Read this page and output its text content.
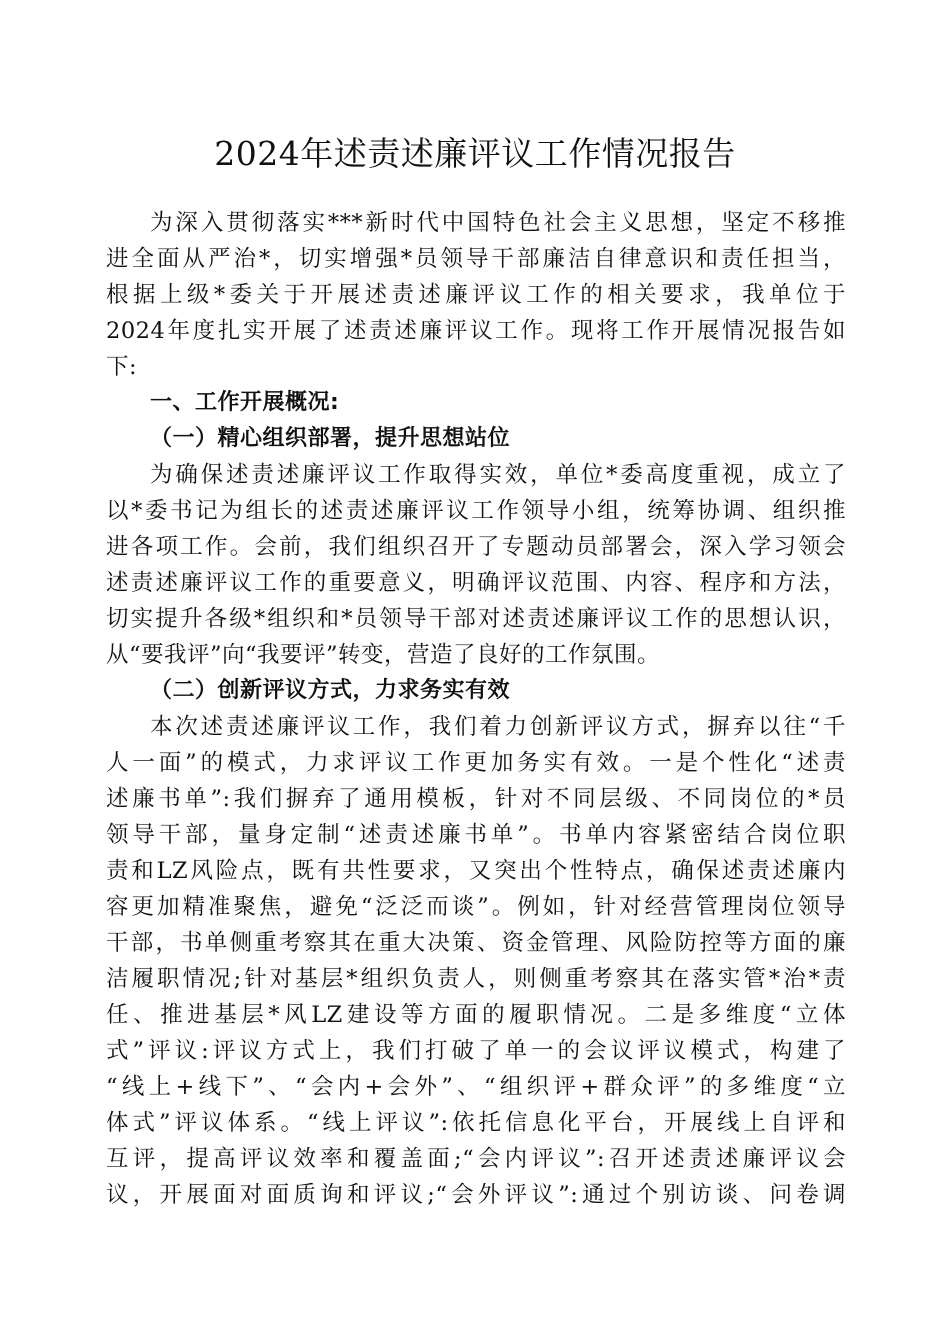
2024年述责述廉评议工作情况报告
为深入贯彻落实***新时代中国特色社会主义思想，坚定不移推
进全面从严治*，切实增强*员领导干部廉洁自律意识和责任担当，
根据上级*委关于开展述责述廉评议工作的相关要求，我单位于
2024年度扎实开展了述责述廉评议工作。现将工作开展情况报告如
下:
一、工作开展概况:
（一）精心组织部署，提升思想站位
为确保述责述廉评议工作取得实效，单位*委高度重视，成立了
以*委书记为组长的述责述廉评议工作领导小组，统筹协调、组织推
进各项工作。会前，我们组织召开了专题动员部署会，深入学习领会
述责述廉评议工作的重要意义，明确评议范围、内容、程序和方法，
切实提升各级*组织和*员领导干部对述责述廉评议工作的思想认识，
从“要我评”向“我要评”转变，营造了良好的工作氛围。
（二）创新评议方式，力求务实有效
本次述责述廉评议工作，我们着力创新评议方式，摒弃以往“千
人一面”的模式，力求评议工作更加务实有效。一是个性化“述责
述廉书单”:我们摒弃了通用模板，针对不同层级、不同岗位的*员
领导干部，量身定制“述责述廉书单”。书单内容紧密结合岗位职
责和LZ风险点，既有共性要求，又突出个性特点，确保述责述廉内
容更加精准聚焦，避免“泛泛而谈”。例如，针对经营管理岗位领导
干部，书单侧重考察其在重大决策、资金管理、风险防控等方面的廉
洁履职情况;针对基层*组织负责人，则侧重考察其在落实管*治*责
任、推进基层*风LZ建设等方面的履职情况。二是多维度“立体
式”评议:评议方式上，我们打破了单一的会议评议模式，构建了
“线上+线下”、“会内+会外”、“组织评+群众评”的多维度“立
体式”评议体系。“线上评议”:依托信息化平台，开展线上自评和
互评，提高评议效率和覆盖面;“会内评议”:召开述责述廉评议会
议，开展面对面质询和评议;“会外评议”:通过个别访谈、问卷调
